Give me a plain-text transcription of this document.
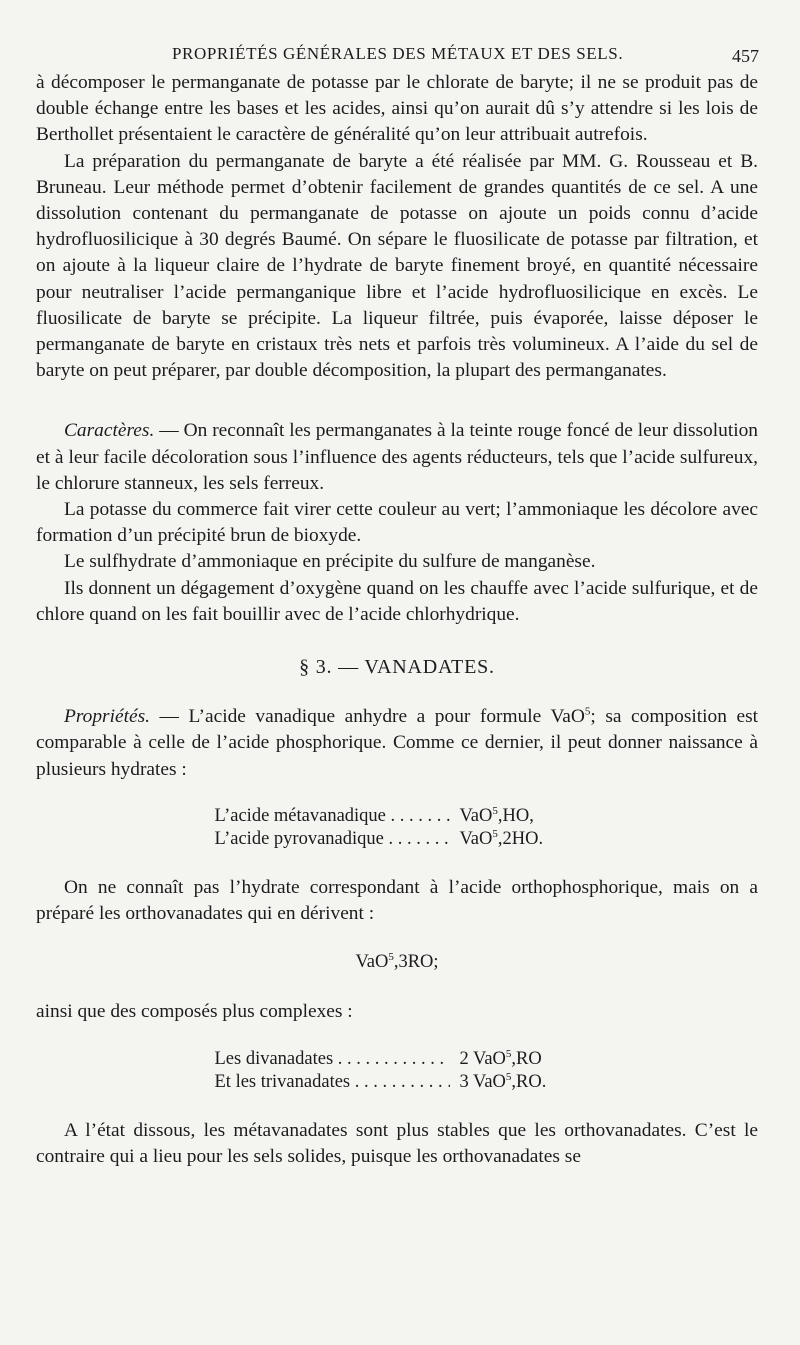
PROPRIÉTÉS GÉNÉRALES DES MÉTAUX ET DES SELS.	457

à décomposer le permanganate de potasse par le chlorate de baryte; il ne se produit pas de double échange entre les bases et les acides, ainsi qu’on aurait dû s’y attendre si les lois de Berthollet présentaient le caractère de généralité qu’on leur attribuait autrefois.

La préparation du permanganate de baryte a été réalisée par MM. G. Rousseau et B. Bruneau. Leur méthode permet d’obtenir facilement de grandes quantités de ce sel. A une dissolution contenant du permanganate de potasse on ajoute un poids connu d’acide hydrofluosilicique à 30 degrés Baumé. On sépare le fluosilicate de potasse par filtration, et on ajoute à la liqueur claire de l’hydrate de baryte finement broyé, en quantité nécessaire pour neutraliser l’acide permanganique libre et l’acide hydrofluosilicique en excès. Le fluosilicate de baryte se précipite. La liqueur filtrée, puis évaporée, laisse déposer le permanganate de baryte en cristaux très nets et parfois très volumineux. A l’aide du sel de baryte on peut préparer, par double décomposition, la plupart des permanganates.

Caractères. — On reconnaît les permanganates à la teinte rouge foncé de leur dissolution et à leur facile décoloration sous l’influence des agents réducteurs, tels que l’acide sulfureux, le chlorure stanneux, les sels ferreux.

La potasse du commerce fait virer cette couleur au vert; l’ammoniaque les décolore avec formation d’un précipité brun de bioxyde.

Le sulfhydrate d’ammoniaque en précipite du sulfure de manganèse.

Ils donnent un dégagement d’oxygène quand on les chauffe avec l’acide sulfurique, et de chlore quand on les fait bouillir avec de l’acide chlorhydrique.

§ 3. — VANADATES.

Propriétés. — L’acide vanadique anhydre a pour formule VaO$^5$; sa composition est comparable à celle de l’acide phosphorique. Comme ce dernier, il peut donner naissance à plusieurs hydrates :

L’acide métavanadique . . .	VaO$^5$,HO,
L’acide pyrovanadique . . .	VaO$^5$,2HO.

On ne connaît pas l’hydrate correspondant à l’acide orthophosphorique, mais on a préparé les orthovanadates qui en dérivent :

VaO$^5$,3RO;

ainsi que des composés plus complexes :

Les divanadates . . .	2 VaO$^5$,RO
Et les trivanadates . . .	3 VaO$^5$,RO.

A l’état dissous, les métavanadates sont plus stables que les orthovanadates. C’est le contraire qui a lieu pour les sels solides, puisque les orthovanadates se
